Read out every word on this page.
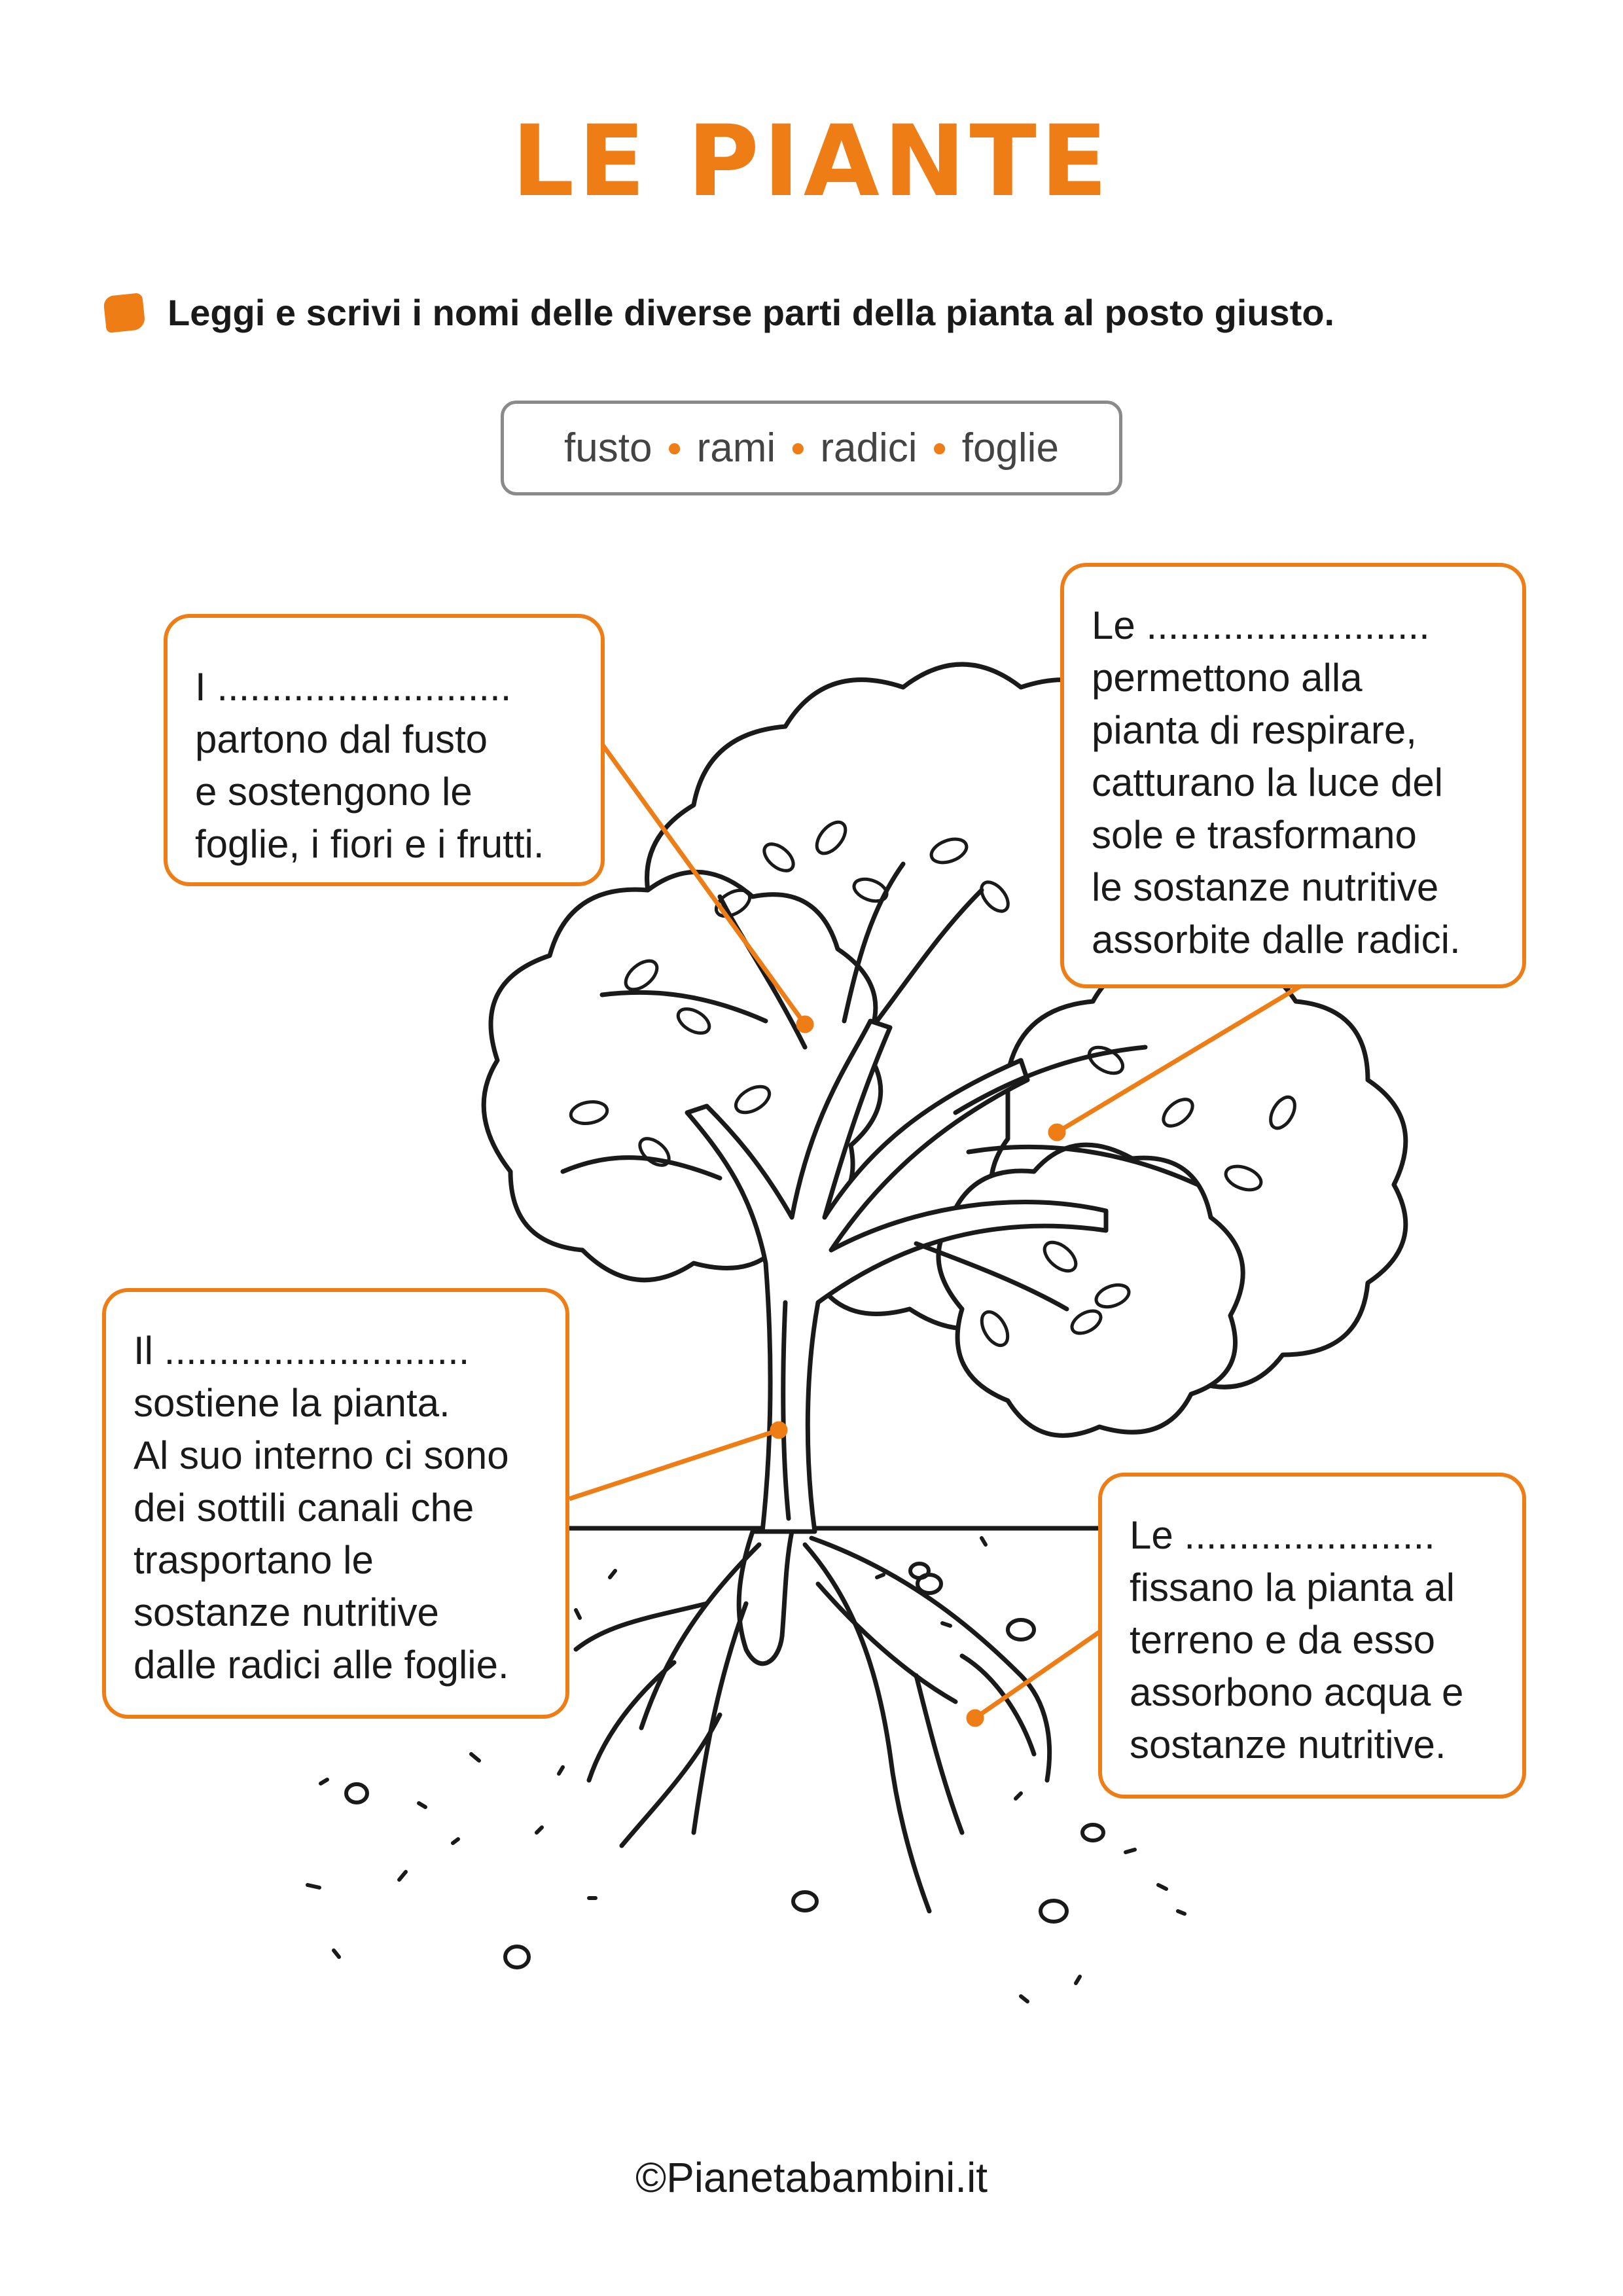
LE PIANTE
Leggi e scrivi i nomi delle diverse parti della pianta al posto giusto.
fusto ● rami ● radici ● foglie
I ...........................
partono dal fusto
e sostengono le
foglie, i fiori e i frutti.
Le ..........................
permettono alla
pianta di respirare,
catturano la luce del
sole e trasformano
le sostanze nutritive
assorbite dalle radici.
Il ............................
sostiene la pianta.
Al suo interno ci sono
dei sottili canali che
trasportano le
sostanze nutritive
dalle radici alle foglie.
Le .......................
fissano la pianta al
terreno e da esso
assorbono acqua e
sostanze nutritive.
©Pianetabambini.it
